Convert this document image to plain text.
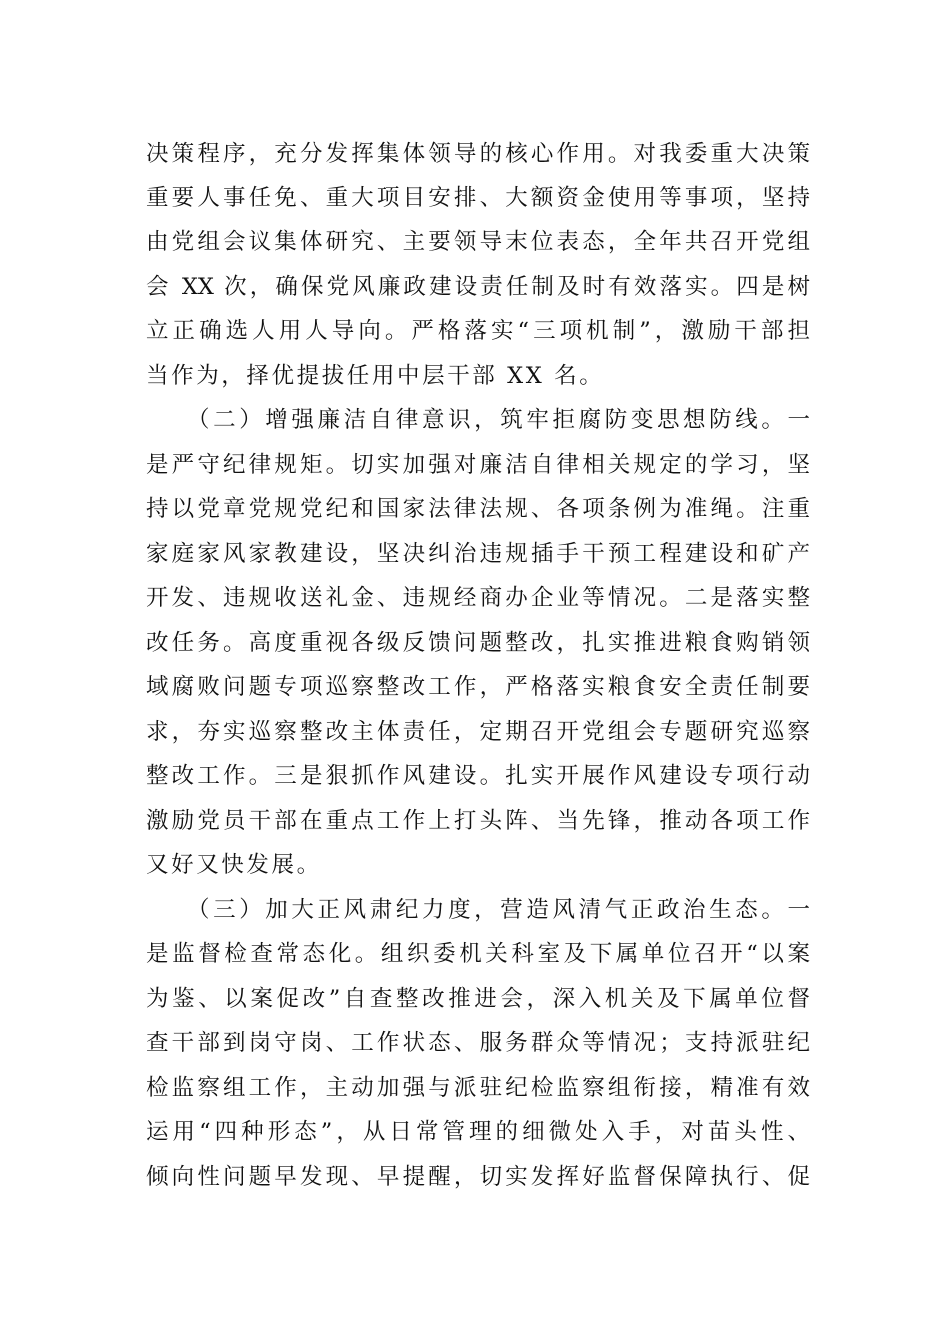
决策程序，充分发挥集体领导的核心作用。对我委重大决策
重要人事任免、重大项目安排、大额资金使用等事项，坚持
由党组会议集体研究、主要领导末位表态，全年共召开党组
会 XX 次，确保党风廉政建设责任制及时有效落实。四是树
立正确选人用人导向。严格落实“三项机制”，激励干部担
当作为，择优提拔任用中层干部 XX 名。
　　（二）增强廉洁自律意识，筑牢拒腐防变思想防线。一
是严守纪律规矩。切实加强对廉洁自律相关规定的学习，坚
持以党章党规党纪和国家法律法规、各项条例为准绳。注重
家庭家风家教建设，坚决纠治违规插手干预工程建设和矿产
开发、违规收送礼金、违规经商办企业等情况。二是落实整
改任务。高度重视各级反馈问题整改，扎实推进粮食购销领
域腐败问题专项巡察整改工作，严格落实粮食安全责任制要
求，夯实巡察整改主体责任，定期召开党组会专题研究巡察
整改工作。三是狠抓作风建设。扎实开展作风建设专项行动
激励党员干部在重点工作上打头阵、当先锋，推动各项工作
又好又快发展。
　　（三）加大正风肃纪力度，营造风清气正政治生态。一
是监督检查常态化。组织委机关科室及下属单位召开“以案
为鉴、以案促改”自查整改推进会，深入机关及下属单位督
查干部到岗守岗、工作状态、服务群众等情况；支持派驻纪
检监察组工作，主动加强与派驻纪检监察组衔接，精准有效
运用“四种形态”，从日常管理的细微处入手，对苗头性、
倾向性问题早发现、早提醒，切实发挥好监督保障执行、促
